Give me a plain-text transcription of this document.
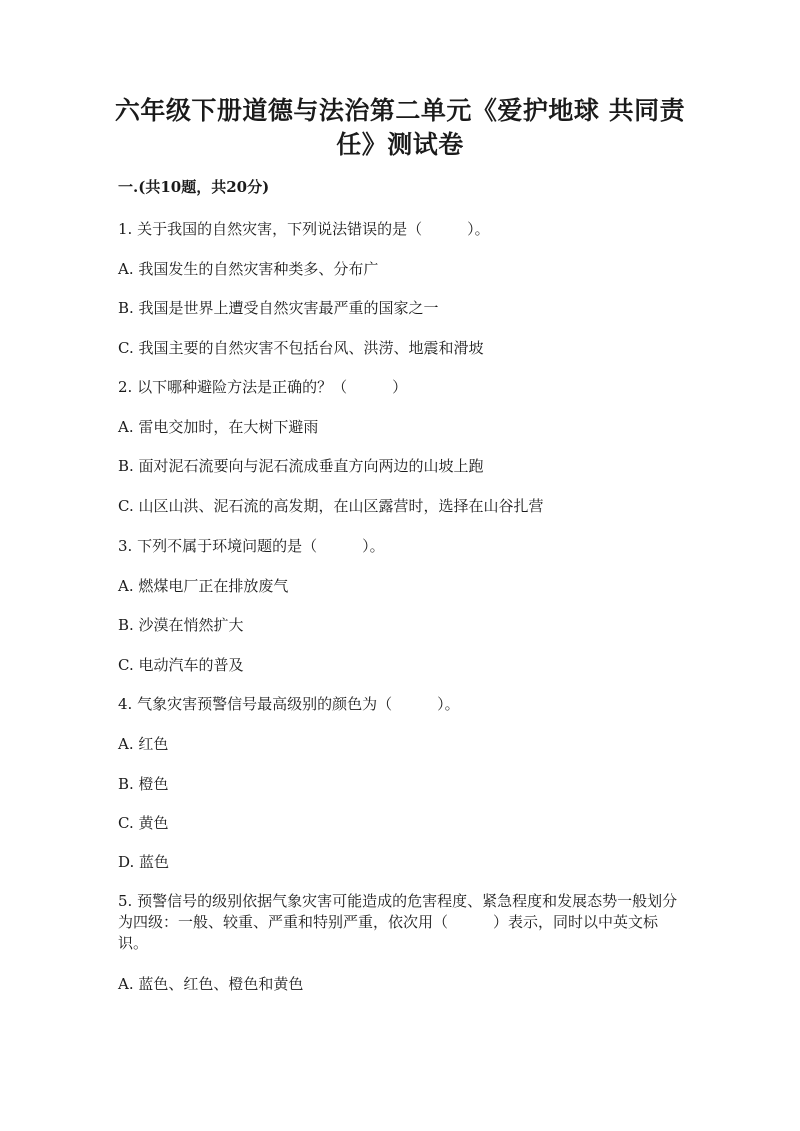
六年级下册道德与法治第二单元《爱护地球 共同责
任》测试卷
一.(共10题，共20分)
1. 关于我国的自然灾害，下列说法错误的是（　　　）。
A. 我国发生的自然灾害种类多、分布广
B. 我国是世界上遭受自然灾害最严重的国家之一
C. 我国主要的自然灾害不包括台风、洪涝、地震和滑坡
2. 以下哪种避险方法是正确的？（　　　）
A. 雷电交加时，在大树下避雨
B. 面对泥石流要向与泥石流成垂直方向两边的山坡上跑
C. 山区山洪、泥石流的高发期，在山区露营时，选择在山谷扎营
3. 下列不属于环境问题的是（　　　）。
A. 燃煤电厂正在排放废气
B. 沙漠在悄然扩大
C. 电动汽车的普及
4. 气象灾害预警信号最高级别的颜色为（　　　）。
A. 红色
B. 橙色
C. 黄色
D. 蓝色
5. 预警信号的级别依据气象灾害可能造成的危害程度、紧急程度和发展态势一般划分为四级：一般、较重、严重和特别严重，依次用（　　　）表示，同时以中英文标识。
A. 蓝色、红色、橙色和黄色
